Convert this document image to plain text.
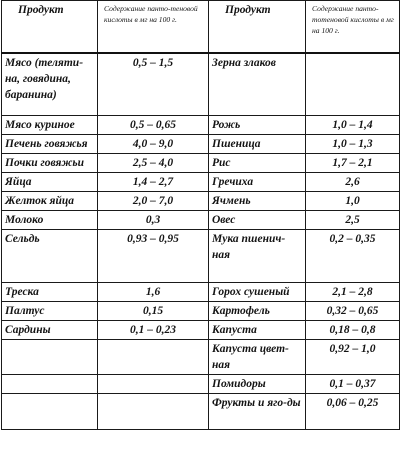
Продукт	Содержание панто-теновой кислоты в мг на 100 г.	Продукт	Содержание панто-тотеновой кислоты в мг на 100 г.
Мясо (теляти-на, говядина, баранина)	0,5 – 1,5	Зерна злаков	
Мясо куриное	0,5 – 0,65	Рожь	1,0 – 1,4
Печень говяжья	4,0 – 9,0	Пшеница	1,0 – 1,3
Почки говяжьи	2,5 – 4,0	Рис	1,7 – 2,1
Яйца	1,4 – 2,7	Гречиха	2,6
Желток яйца	2,0 – 7,0	Ячмень	1,0
Молоко	0,3	Овес	2,5
Сельдь	0,93 – 0,95	Мука пшенич-ная	0,2 – 0,35
Треска	1,6	Горох сушеный	2,1 – 2,8
Палтус	0,15	Картофель	0,32 – 0,65
Сардины	0,1 – 0,23	Капуста	0,18 – 0,8
		Капуста цвет-ная	0,92 – 1,0
		Помидоры	0,1 – 0,37
		Фрукты и яго-ды	0,06 – 0,25
